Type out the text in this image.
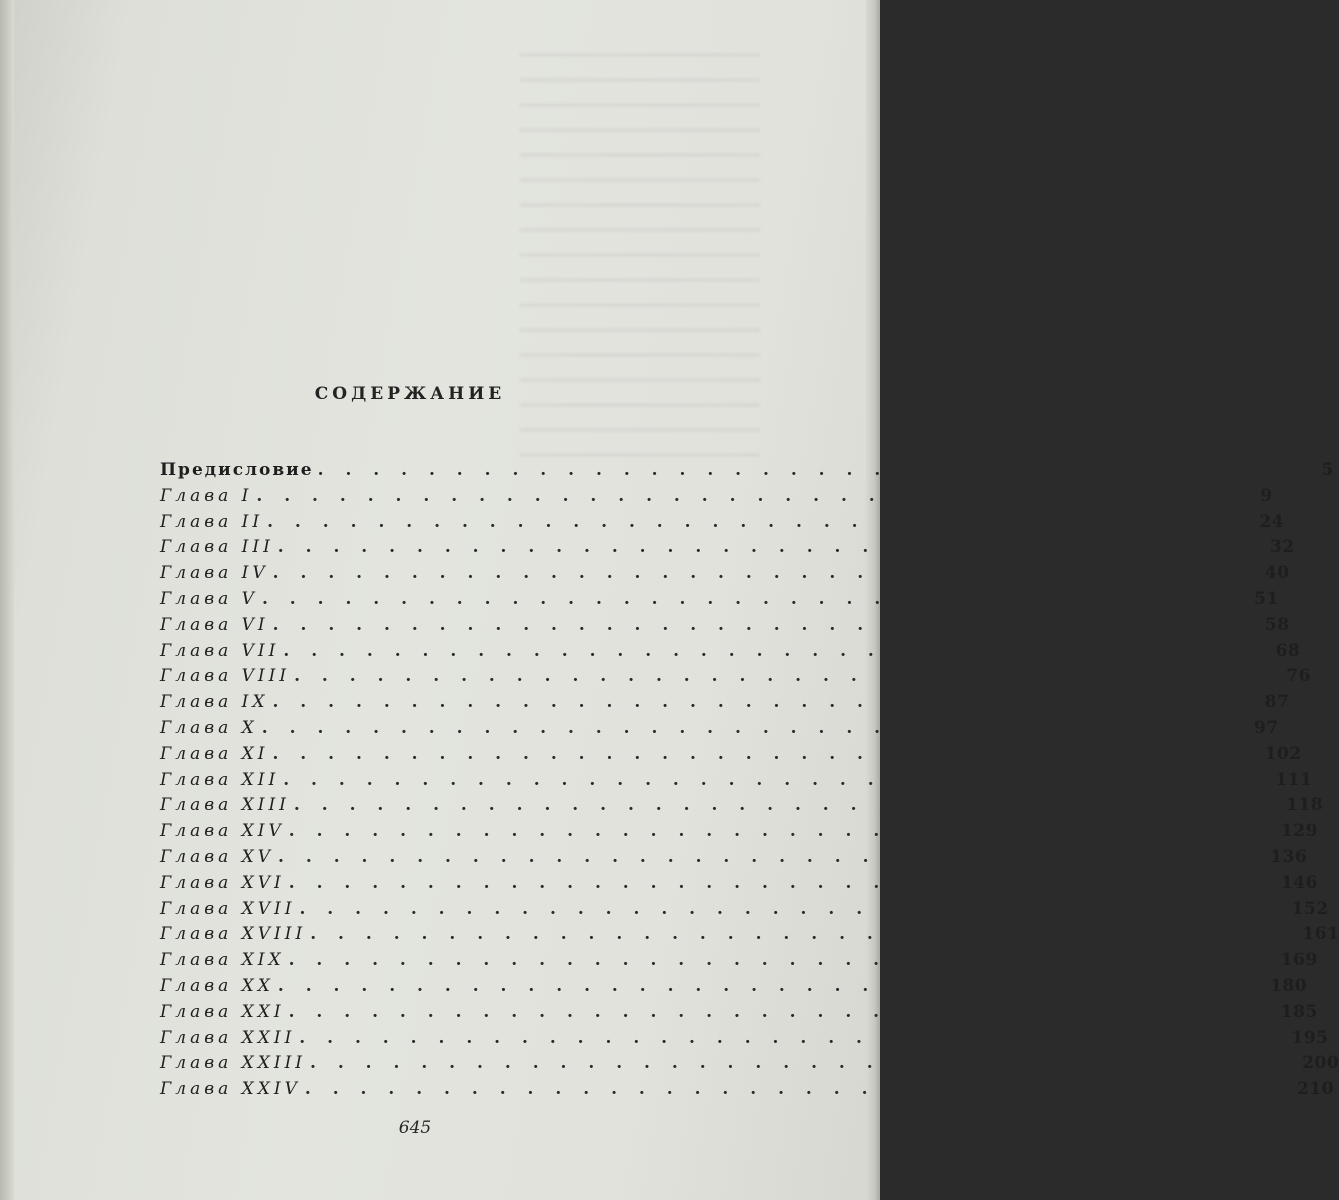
СОДЕРЖАНИЕ
Предисловие . . . . . . . . . . . . . . . . . . . . . . . . . . . . . . . . . . . . 5
Глава I . . . . . . . . . . . . . . . . . . . . . . . . . . . . . . . . . . . . 9
Глава II . . . . . . . . . . . . . . . . . . . . . . . . . . . . . . . . . . . . 24
Глава III . . . . . . . . . . . . . . . . . . . . . . . . . . . . . . . . . . . . 32
Глава IV . . . . . . . . . . . . . . . . . . . . . . . . . . . . . . . . . . . . 40
Глава V . . . . . . . . . . . . . . . . . . . . . . . . . . . . . . . . . . . . 51
Глава VI . . . . . . . . . . . . . . . . . . . . . . . . . . . . . . . . . . . . 58
Глава VII . . . . . . . . . . . . . . . . . . . . . . . . . . . . . . . . . . . . 68
Глава VIII . . . . . . . . . . . . . . . . . . . . . . . . . . . . . . . . . . . . 76
Глава IX . . . . . . . . . . . . . . . . . . . . . . . . . . . . . . . . . . . . 87
Глава X . . . . . . . . . . . . . . . . . . . . . . . . . . . . . . . . . . . . 97
Глава XI . . . . . . . . . . . . . . . . . . . . . . . . . . . . . . . . . . . . 102
Глава XII . . . . . . . . . . . . . . . . . . . . . . . . . . . . . . . . . . . . 111
Глава XIII . . . . . . . . . . . . . . . . . . . . . . . . . . . . . . . . . . . . 118
Глава XIV . . . . . . . . . . . . . . . . . . . . . . . . . . . . . . . . . . . . 129
Глава XV . . . . . . . . . . . . . . . . . . . . . . . . . . . . . . . . . . . . 136
Глава XVI . . . . . . . . . . . . . . . . . . . . . . . . . . . . . . . . . . . . 146
Глава XVII . . . . . . . . . . . . . . . . . . . . . . . . . . . . . . . . . . . . 152
Глава XVIII . . . . . . . . . . . . . . . . . . . . . . . . . . . . . . . . . . . . 161
Глава XIX . . . . . . . . . . . . . . . . . . . . . . . . . . . . . . . . . . . . 169
Глава XX . . . . . . . . . . . . . . . . . . . . . . . . . . . . . . . . . . . . 180
Глава XXI . . . . . . . . . . . . . . . . . . . . . . . . . . . . . . . . . . . . 185
Глава XXII . . . . . . . . . . . . . . . . . . . . . . . . . . . . . . . . . . . . 195
Глава XXIII . . . . . . . . . . . . . . . . . . . . . . . . . . . . . . . . . . . . 200
Глава XXIV . . . . . . . . . . . . . . . . . . . . . . . . . . . . . . . . . . . . 210
645
